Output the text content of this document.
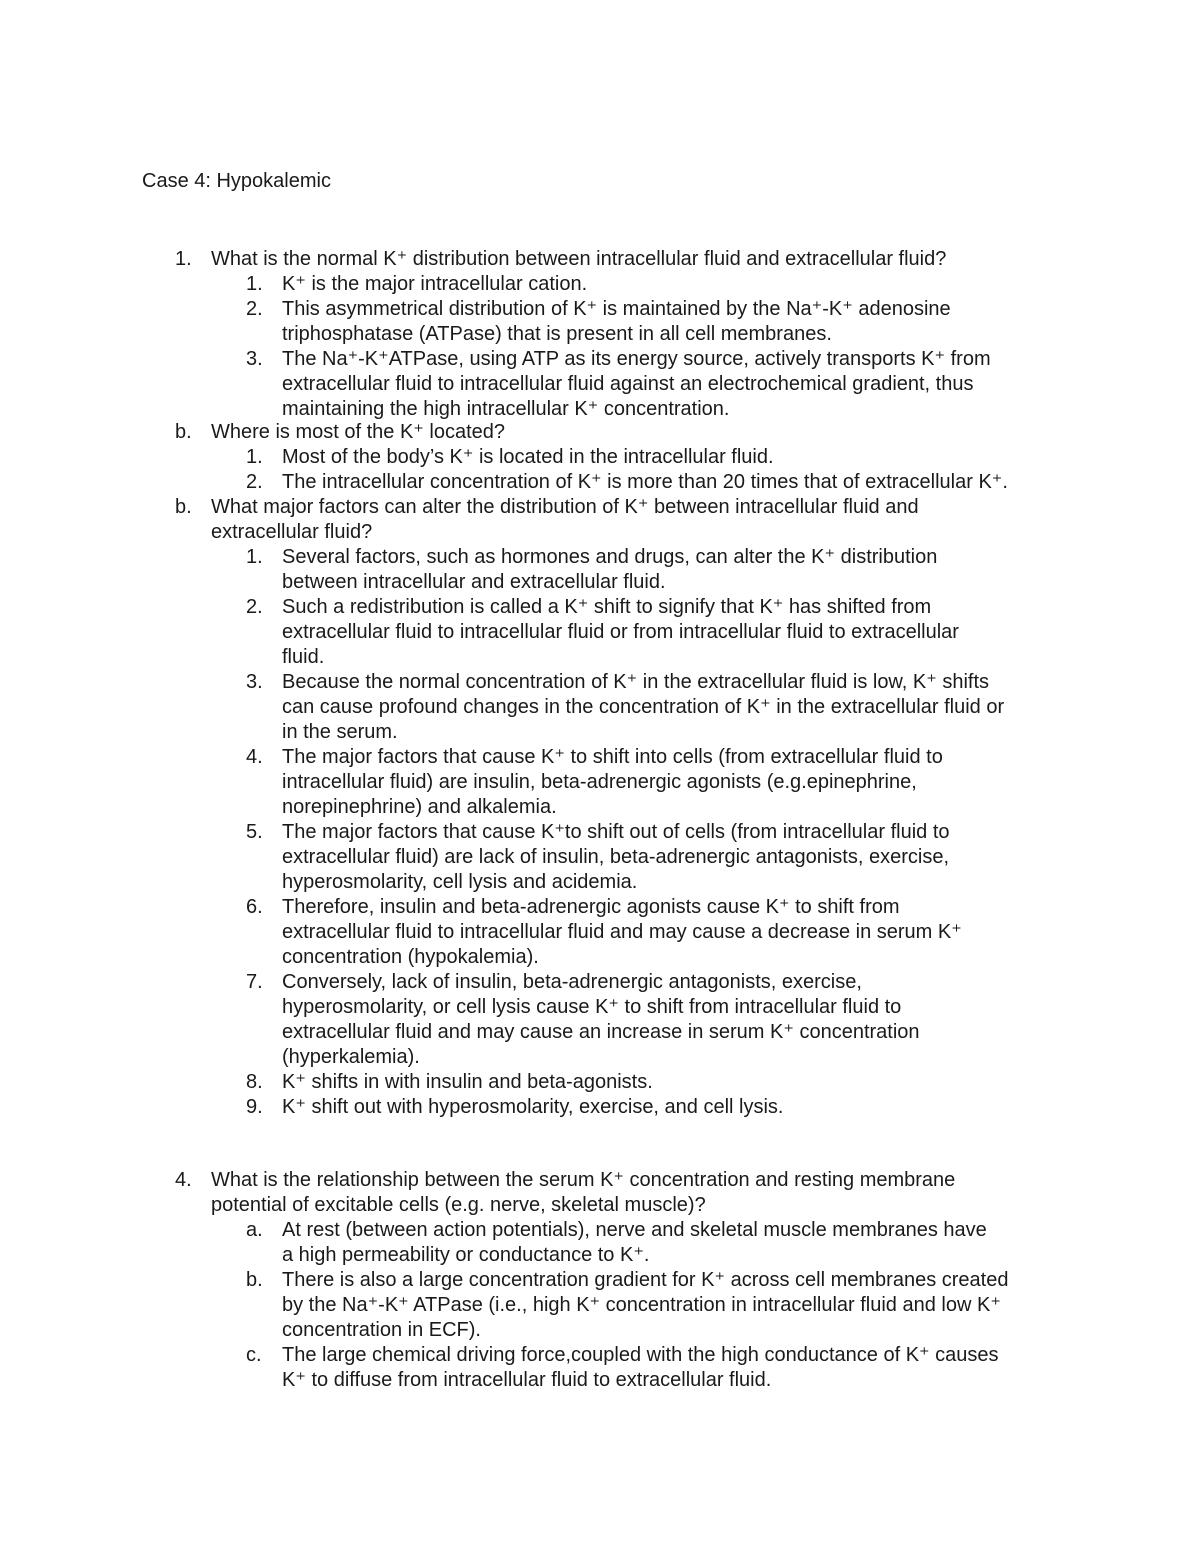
Case 4: Hypokalemic
1. What is the normal K⁺ distribution between intracellular fluid and extracellular fluid?
1. K⁺ is the major intracellular cation.
2. This asymmetrical distribution of K⁺ is maintained by the Na⁺-K⁺ adenosine
triphosphatase (ATPase) that is present in all cell membranes.
3. The Na⁺-K⁺ATPase, using ATP as its energy source, actively transports K⁺ from
extracellular fluid to intracellular fluid against an electrochemical gradient, thus
maintaining the high intracellular K⁺ concentration.
b. Where is most of the K⁺ located?
1. Most of the body’s K⁺ is located in the intracellular fluid.
2. The intracellular concentration of K⁺ is more than 20 times that of extracellular K⁺.
b. What major factors can alter the distribution of K⁺ between intracellular fluid and
extracellular fluid?
1. Several factors, such as hormones and drugs, can alter the K⁺ distribution
between intracellular and extracellular fluid.
2. Such a redistribution is called a K⁺ shift to signify that K⁺ has shifted from
extracellular fluid to intracellular fluid or from intracellular fluid to extracellular
fluid.
3. Because the normal concentration of K⁺ in the extracellular fluid is low, K⁺ shifts
can cause profound changes in the concentration of K⁺ in the extracellular fluid or
in the serum.
4. The major factors that cause K⁺ to shift into cells (from extracellular fluid to
intracellular fluid) are insulin, beta-adrenergic agonists (e.g.epinephrine,
norepinephrine) and alkalemia.
5. The major factors that cause K⁺to shift out of cells (from intracellular fluid to
extracellular fluid) are lack of insulin, beta-adrenergic antagonists, exercise,
hyperosmolarity, cell lysis and acidemia.
6. Therefore, insulin and beta-adrenergic agonists cause K⁺ to shift from
extracellular fluid to intracellular fluid and may cause a decrease in serum K⁺
concentration (hypokalemia).
7. Conversely, lack of insulin, beta-adrenergic antagonists, exercise,
hyperosmolarity, or cell lysis cause K⁺ to shift from intracellular fluid to
extracellular fluid and may cause an increase in serum K⁺ concentration
(hyperkalemia).
8. K⁺ shifts in with insulin and beta-agonists.
9. K⁺ shift out with hyperosmolarity, exercise, and cell lysis.
4. What is the relationship between the serum K⁺ concentration and resting membrane
potential of excitable cells (e.g. nerve, skeletal muscle)?
a. At rest (between action potentials), nerve and skeletal muscle membranes have
a high permeability or conductance to K⁺.
b. There is also a large concentration gradient for K⁺ across cell membranes created
by the Na⁺-K⁺ ATPase (i.e., high K⁺ concentration in intracellular fluid and low K⁺
concentration in ECF).
c. The large chemical driving force,coupled with the high conductance of K⁺ causes
K⁺ to diffuse from intracellular fluid to extracellular fluid.
